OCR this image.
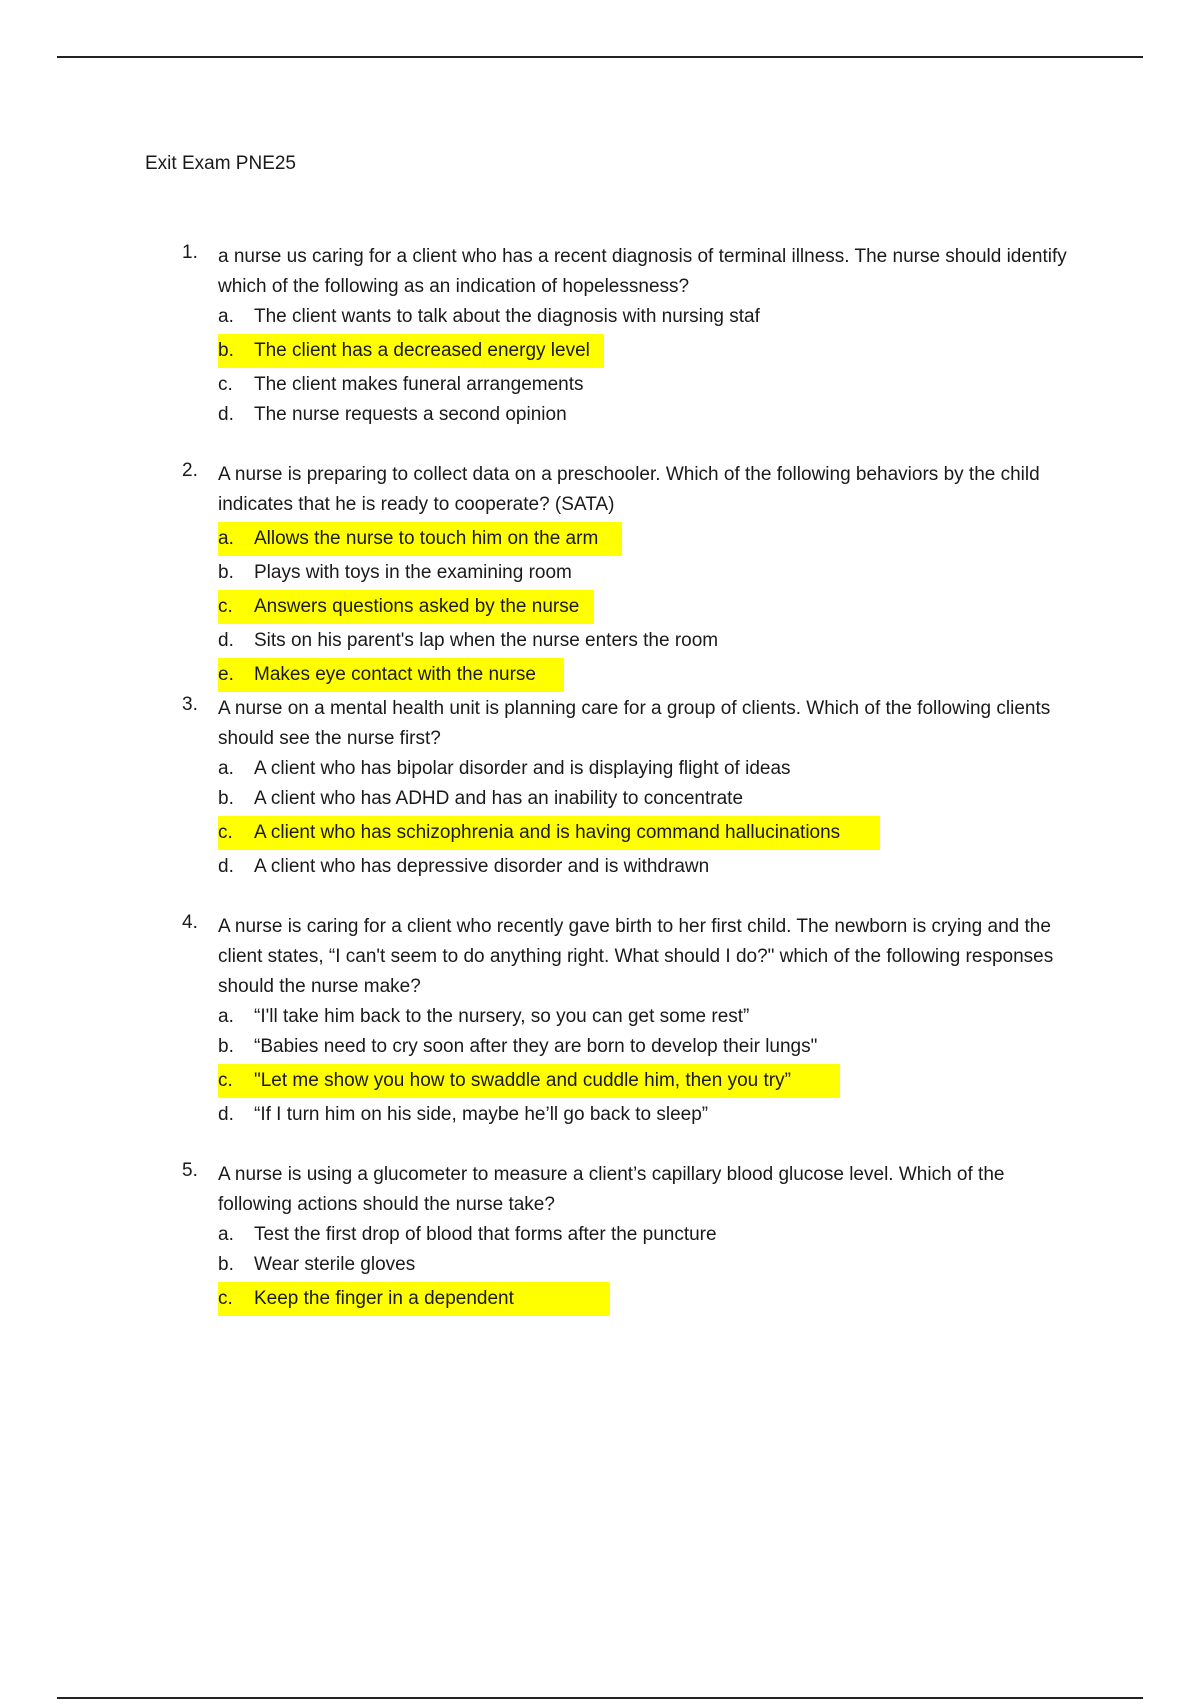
Exit Exam PNE25
1. a nurse us caring for a client who has a recent diagnosis of terminal illness. The nurse should identify which of the following as an indication of hopelessness?
a. The client wants to talk about the diagnosis with nursing staf
b. The client has a decreased energy level
c. The client makes funeral arrangements
d. The nurse requests a second opinion
2. A nurse is preparing to collect data on a preschooler. Which of the following behaviors by the child indicates that he is ready to cooperate? (SATA)
a. Allows the nurse to touch him on the arm
b. Plays with toys in the examining room
c. Answers questions asked by the nurse
d. Sits on his parent's lap when the nurse enters the room
e. Makes eye contact with the nurse
3. A nurse on a mental health unit is planning care for a group of clients. Which of the following clients should see the nurse first?
a. A client who has bipolar disorder and is displaying flight of ideas
b. A client who has ADHD and has an inability to concentrate
c. A client who has schizophrenia and is having command hallucinations
d. A client who has depressive disorder and is withdrawn
4. A nurse is caring for a client who recently gave birth to her first child. The newborn is crying and the client states, “I can't seem to do anything right. What should I do?" which of the following responses should the nurse make?
a. “I'll take him back to the nursery, so you can get some rest”
b. “Babies need to cry soon after they are born to develop their lungs"
c. "Let me show you how to swaddle and cuddle him, then you try”
d. “If I turn him on his side, maybe he’ll go back to sleep”
5. A nurse is using a glucometer to measure a client’s capillary blood glucose level. Which of the following actions should the nurse take?
a. Test the first drop of blood that forms after the puncture
b. Wear sterile gloves
c. Keep the finger in a dependent
